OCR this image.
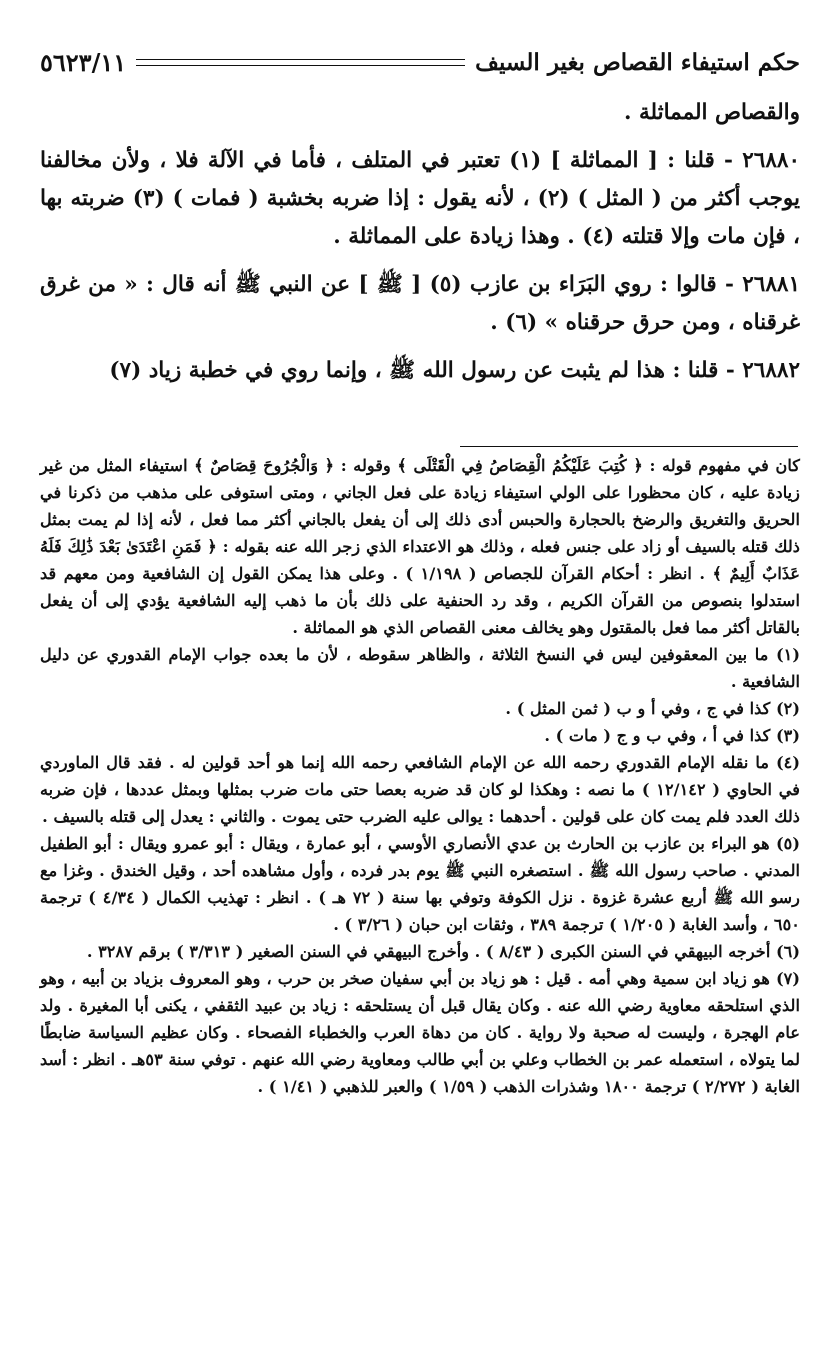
حكم استيفاء القصاص بغير السيف
٥٦٢٣/١١

والقصاص المماثلة .

٢٦٨٨٠ - قلنا : [ المماثلة ] (١) تعتبر في المتلف ، فأما في الآلة فلا ، ولأن مخالفنا يوجب أكثر من ( المثل ) (٢) ، لأنه يقول : إذا ضربه بخشبة ( فمات ) (٣) ضربته بها ، فإن مات وإلا قتلته (٤) . وهذا زيادة على المماثلة .

٢٦٨٨١ - قالوا : روي البَرَاء بن عازب (٥) [ ﷺ ] عن النبي ﷺ أنه قال : « من غرق غرقناه ، ومن حرق حرقناه » (٦) .

٢٦٨٨٢ - قلنا : هذا لم يثبت عن رسول الله ﷺ ، وإنما روي في خطبة زياد (٧)

كان في مفهوم قوله : ﴿ كُتِبَ عَلَيْكُمُ الْقِصَاصُ فِي الْقَتْلَى ﴾ وقوله : ﴿ وَالْجُرُوحَ قِصَاصٌ ﴾ استيفاء المثل من غير زيادة عليه ، كان محظورا على الولي استيفاء زيادة على فعل الجاني ، ومتى استوفى على مذهب من ذكرنا في الحريق والتغريق والرضخ بالحجارة والحبس أدى ذلك إلى أن يفعل بالجاني أكثر مما فعل ، لأنه إذا لم يمت بمثل ذلك قتله بالسيف أو زاد على جنس فعله ، وذلك هو الاعتداء الذي زجر الله عنه بقوله : ﴿ فَمَنِ اعْتَدَىٰ بَعْدَ ذَٰلِكَ فَلَهُ عَذَابٌ أَلِيمٌ ﴾ . انظر : أحكام القرآن للجصاص ( ١/١٩٨ ) . وعلى هذا يمكن القول إن الشافعية ومن معهم قد استدلوا بنصوص من القرآن الكريم ، وقد رد الحنفية على ذلك بأن ما ذهب إليه الشافعية يؤدي إلى أن يفعل بالقاتل أكثر مما فعل بالمقتول وهو يخالف معنى القصاص الذي هو المماثلة .

(١) ما بين المعقوفين ليس في النسخ الثلاثة ، والظاهر سقوطه ، لأن ما بعده جواب الإمام القدوري عن دليل الشافعية .

(٢) كذا في ج ، وفي أ و ب ( ثمن المثل ) .

(٣) كذا في أ ، وفي ب و ج ( مات ) .

(٤) ما نقله الإمام القدوري رحمه الله عن الإمام الشافعي رحمه الله إنما هو أحد قولين له . فقد قال الماوردي في الحاوي ( ١٢/١٤٢ ) ما نصه : وهكذا لو كان قد ضربه بعصا حتى مات ضرب بمثلها وبمثل عددها ، فإن ضربه ذلك العدد فلم يمت كان على قولين . أحدهما : يوالى عليه الضرب حتى يموت . والثاني : يعدل إلى قتله بالسيف .

(٥) هو البراء بن عازب بن الحارث بن عدي الأنصاري الأوسي ، أبو عمارة ، ويقال : أبو عمرو ويقال : أبو الطفيل المدني . صاحب رسول الله ﷺ . استصغره النبي ﷺ يوم بدر فرده ، وأول مشاهده أحد ، وقيل الخندق . وغزا مع رسو الله ﷺ أربع عشرة غزوة . نزل الكوفة وتوفي بها سنة ( ٧٢ هـ ) . انظر : تهذيب الكمال ( ٤/٣٤ ) ترجمة ٦٥٠ ، وأسد الغابة ( ١/٢٠٥ ) ترجمة ٣٨٩ ، وثقات ابن حبان ( ٣/٢٦ ) .

(٦) أخرجه البيهقي في السنن الكبرى ( ٨/٤٣ ) . وأخرج البيهقي في السنن الصغير ( ٣/٣١٣ ) برقم ٣٢٨٧ .

(٧) هو زياد ابن سمية وهي أمه . قيل : هو زياد بن أبي سفيان صخر بن حرب ، وهو المعروف بزياد بن أبيه ، وهو الذي استلحقه معاوية رضي الله عنه . وكان يقال قبل أن يستلحقه : زياد بن عبيد الثقفي ، يكنى أبا المغيرة . ولد عام الهجرة ، وليست له صحبة ولا رواية . كان من دهاة العرب والخطباء الفصحاء . وكان عظيم السياسة ضابطًا لما يتولاه ، استعمله عمر بن الخطاب وعلي بن أبي طالب ومعاوية رضي الله عنهم . توفي سنة ٥٣هـ . انظر : أسد الغابة ( ٢/٢٧٢ ) ترجمة ١٨٠٠ وشذرات الذهب ( ١/٥٩ ) والعبر للذهبي ( ١/٤١ ) .
